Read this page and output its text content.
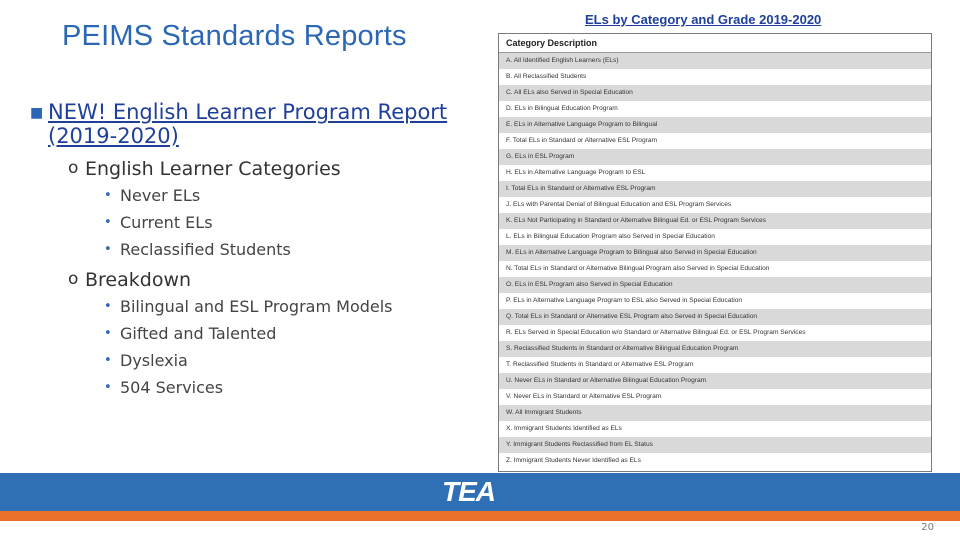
PEIMS Standards Reports
ELs by Category and Grade 2019-2020
■ NEW! English Learner Program Report (2019-2020)
o English Learner Categories
• Never ELs
• Current ELs
• Reclassified Students
o Breakdown
• Bilingual and ESL Program Models
• Gifted and Talented
• Dyslexia
• 504 Services
Category Description
A. All Identified English Learners (ELs)
B. All Reclassified Students
C. All ELs also Served in Special Education
D. ELs in Bilingual Education Program
E. ELs in Alternative Language Program to Bilingual
F. Total ELs in Standard or Alternative ESL Program
G. ELs in ESL Program
H. ELs in Alternative Language Program to ESL
I. Total ELs in Standard or Alternative ESL Program
J. ELs with Parental Denial of Bilingual Education and ESL Program Services
K. ELs Not Participating in Standard or Alternative Bilingual Ed. or ESL Program Services
L. ELs in Bilingual Education Program also Served in Special Education
M. ELs in Alternative Language Program to Bilingual also Served in Special Education
N. Total ELs in Standard or Alternative Bilingual Program also Served in Special Education
O. ELs in ESL Program also Served in Special Education
P. ELs in Alternative Language Program to ESL also Served in Special Education
Q. Total ELs in Standard or Alternative ESL Program also Served in Special Education
R. ELs Served in Special Education w/o Standard or Alternative Bilingual Ed. or ESL Program Services
S. Reclassified Students in Standard or Alternative Bilingual Education Program
T. Reclassified Students in Standard or Alternative ESL Program
U. Never ELs in Standard or Alternative Bilingual Education Program
V. Never ELs in Standard or Alternative ESL Program
W. All Immigrant Students
X. Immigrant Students Identified as ELs
Y. Immigrant Students Reclassified from EL Status
Z. Immigrant Students Never Identified as ELs
TEA
20
